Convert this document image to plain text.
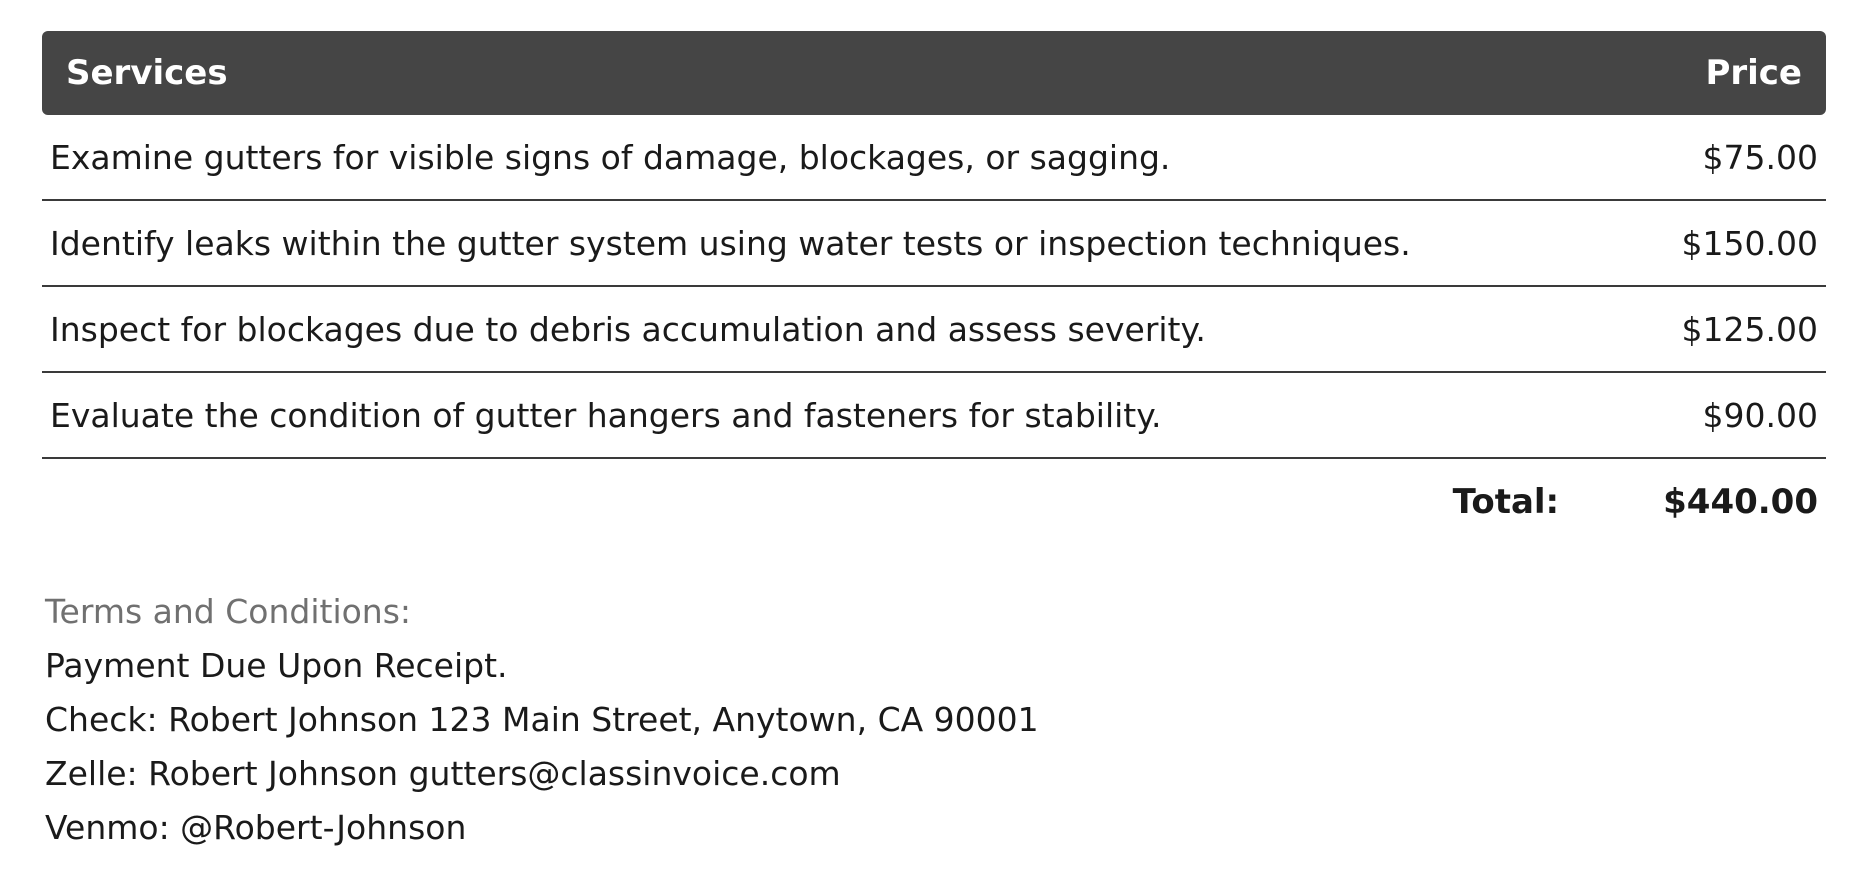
Services	Price
Examine gutters for visible signs of damage, blockages, or sagging.	$75.00
Identify leaks within the gutter system using water tests or inspection techniques.	$150.00
Inspect for blockages due to debris accumulation and assess severity.	$125.00
Evaluate the condition of gutter hangers and fasteners for stability.	$90.00
Total:	$440.00
Terms and Conditions:
Payment Due Upon Receipt.
Check: Robert Johnson 123 Main Street, Anytown, CA 90001
Zelle: Robert Johnson gutters@classinvoice.com
Venmo: @Robert-Johnson
